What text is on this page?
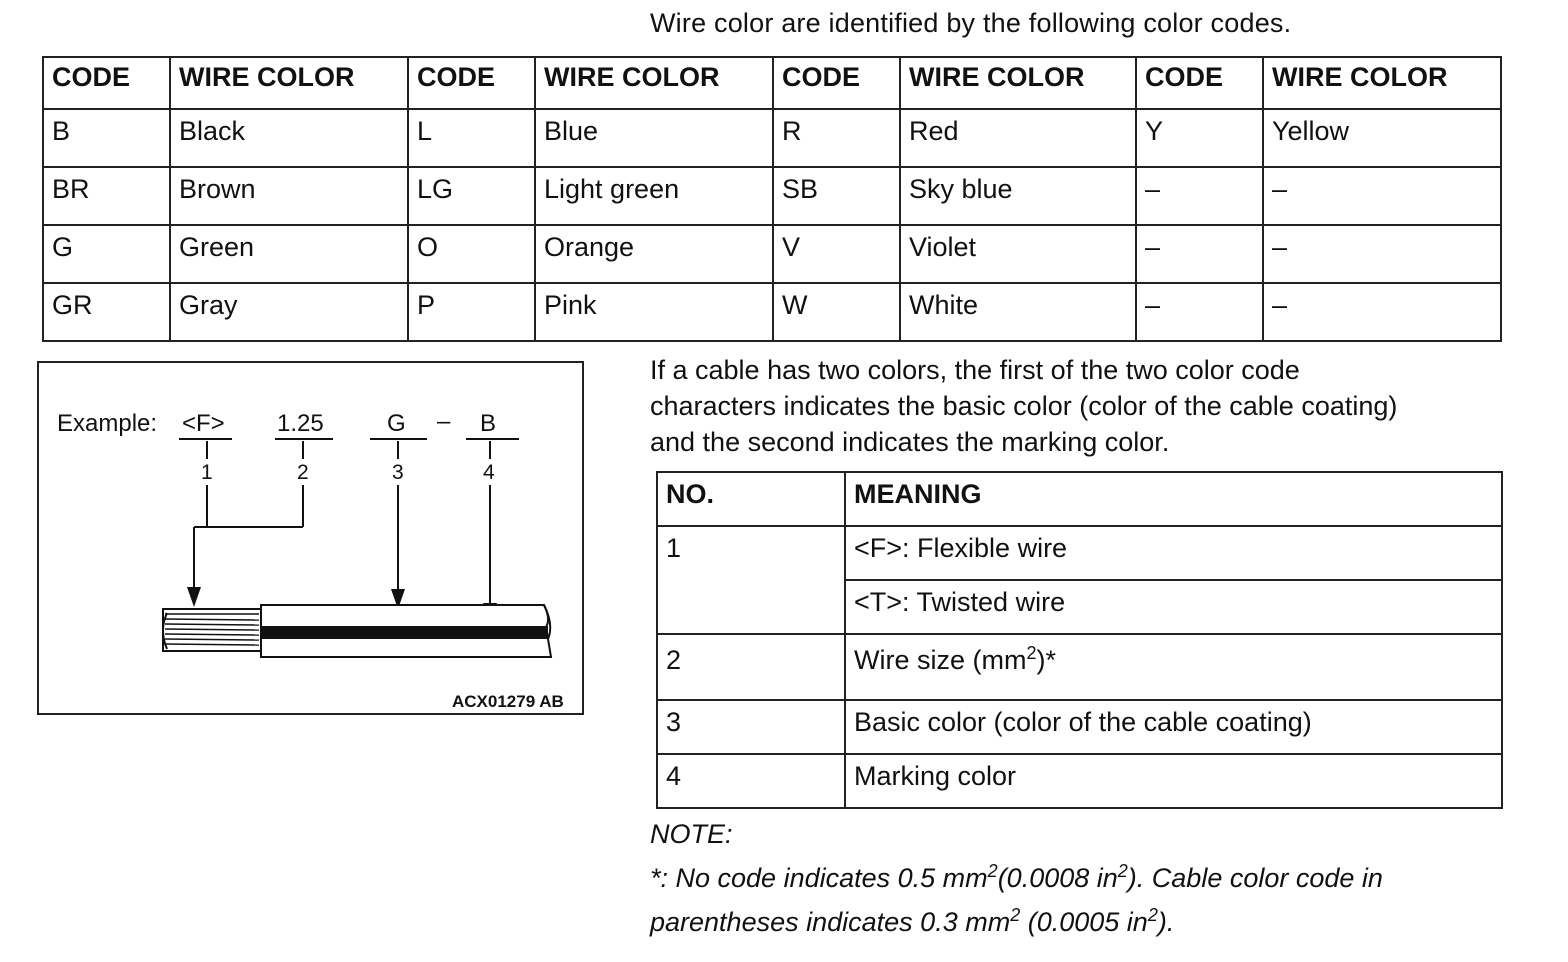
Wire color are identified by the following color codes.
CODE	WIRE COLOR	CODE	WIRE COLOR	CODE	WIRE COLOR	CODE	WIRE COLOR
B	Black	L	Blue	R	Red	Y	Yellow
BR	Brown	LG	Light green	SB	Sky blue	–	–
G	Green	O	Orange	V	Violet	–	–
GR	Gray	P	Pink	W	White	–	–
Example: <F> 1.25	G – B
1	2	3	4
ACX01279 AB
If a cable has two colors, the first of the two color code
characters indicates the basic color (color of the cable coating)
and the second indicates the marking color.
NO.	MEANING
1	<F>: Flexible wire
	<T>: Twisted wire
2	Wire size $(mm^2)*$
3	Basic color (color of the cable coating)
4	Marking color
NOTE:
*: No code indicates 0.5 $mm^2(0.0008$ $in^2$). Cable color code in
parentheses indicates 0.3 $mm^2$ (0.0005 $in^2$).
